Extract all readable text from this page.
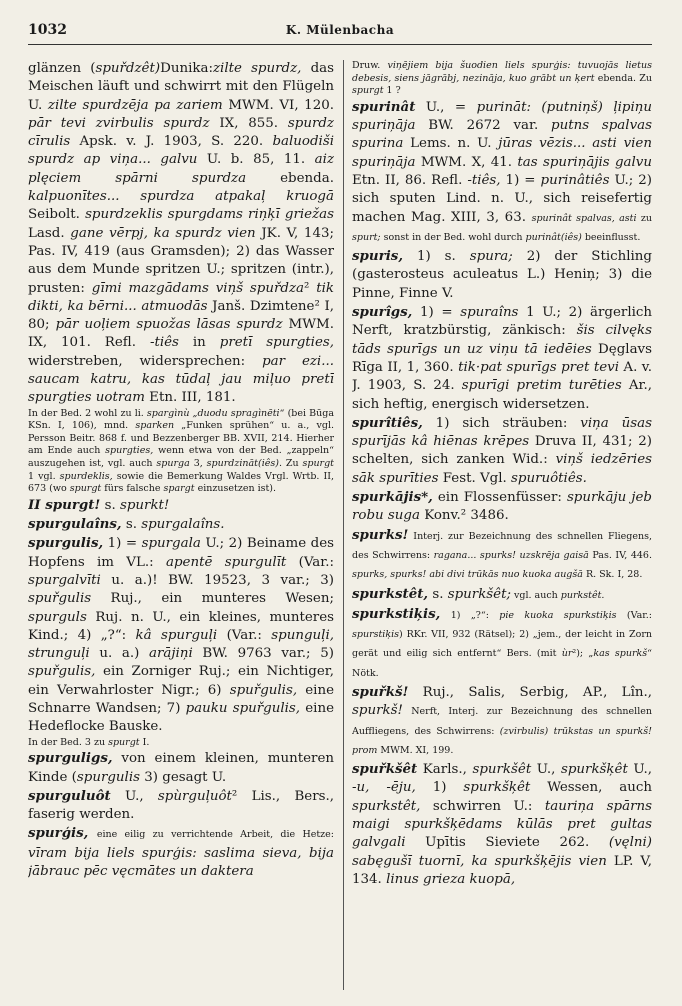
1032	K. Mülenbacha

glänzen (spuřdzêt)Dunika:zilte spurdz, das Meischen läuft und schwirrt mit den Flügeln U. zilte spurdzēja pa zariem MWM. VI, 120. pār tevi zvirbulis spurdz IX, 855. spurdz cīrulis Apsk. v. J. 1903, S. 220. baluodiši spurdz ap viņa... galvu U. b. 85, 11. aiz plęciem spārni spurdza ebenda. kalpuonītes... spurdza atpakaļ kruogā Seibolt. spurdzeklis spurgdams riņķī griežas Lasd. gane vērpj, ka spurdz vien JK. V, 143; Pas. IV, 419 (aus Gramsden); 2) das Wasser aus dem Munde spritzen U.; spritzen (intr.), prusten: gīmi mazgādams viņš spuřdza² tik dikti, ka bērni... atmuodās Janš. Dzimtene² I, 80; pār uoļiem spuožas lāsas spurdz MWM. IX, 101. Refl. -tiês in pretī spurgties, widerstreben, widersprechen: par ezi... saucam katru, kas tūdaļ jau miļuo pretī spurgties uotram Etn. III, 181.

In der Bed. 2 wohl zu li. spargìnù „duodu spragìnēti“ (bei Būga KSn. I, 106), mnd. sparken „Funken sprühen“ u. a., vgl. Persson Beitr. 868 f. und Bezzenberger BB. XVII, 214. Hierher am Ende auch spurgties, wenn etwa von der Bed. „zappeln“ auszugehen ist, vgl. auch spurga 3, spurdzināt(iês). Zu spurgt 1 vgl. spurdeklis, sowie die Bemerkung Waldes Vrgl. Wrtb. II, 673 (wo spurgt fürs falsche spargt einzusetzen ist).

II spurgt! s. spurkt!

spurgulaîns, s. spurgalaîns.

spurgulis, 1) = spurgala U.; 2) Beiname des Hopfens im VL.: apentē spurgulīt (Var.: spurgalvīti u. a.)! BW. 19523, 3 var.; 3) spuřgulis Ruj., ein munteres Wesen; spurguls Ruj. n. U., ein kleines, munteres Kind.; 4) „?“: kâ spurguļi (Var.: spunguļi, strunguļi u. a.) arājiņi BW. 9763 var.; 5) spuřgulis, ein Zorniger Ruj.; ein Nichtiger, ein Verwahrloster Nigr.; 6) spuřgulis, eine Schnarre Wandsen; 7) pauku spuřgulis, eine Hedeflocke Bauske.

In der Bed. 3 zu spurgt I.

spurguligs, von einem kleinen, munteren Kinde (spurgulis 3) gesagt U.

spurguluôt U., spùrguļuôt² Lis., Bers., faserig werden.

spurģis, eine eilig zu verrichtende Arbeit, die Hetze: vīram bija liels spurģis: saslima sieva, bija jābrauc pēc vęcmātes un daktera

Druw. viņējiem bija šuodien liels spurģis: tuvuojās lietus debesis, siens jāgrābj, nezināja, kuo grābt un ķert ebenda. Zu spurgt 1 ?

spurinât U., = purināt: (putniņš) ļipiņu spuriņāja BW. 2672 var. putns spalvas spurina Lems. n. U. jūras vēzis... asti vien spuriņāja MWM. X, 41. tas spuriņājis galvu Etn. II, 86. Refl. -tiês, 1) = purinâtiês U.; 2) sich sputen Lind. n. U., sich reisefertig machen Mag. XIII, 3, 63. spurinât spalvas, asti zu spurt; sonst in der Bed. wohl durch purinât(iês) beeinflusst.

spuris, 1) s. spura; 2) der Stichling (gasterosteus aculeatus L.) Heniņ; 3) die Pinne, Finne V.

spurîgs, 1) = spuraîns 1 U.; 2) ärgerlich Nerft, kratzbürstig, zänkisch: šis cilvęks tāds spurīgs un uz viņu tā iedēies Dęglavs Rīga II, 1, 360. tik·pat spurīgs pret tevi A. v. J. 1903, S. 24. spurīgi pretim turēties Ar., sich heftig, energisch widersetzen.

spurîtiês, 1) sich sträuben: viņa ūsas spurījās kâ hiēnas krēpes Druva II, 431; 2) schelten, sich zanken Wid.: viņš iedzēries sāk spurīties Fest. Vgl. spuruôtiês.

spurkājis*, ein Flossenfüsser: spurkāju jeb robu suga Konv.² 3486.

spurks! Interj. zur Bezeichnung des schnellen Fliegens, des Schwirrens: ragana... spurks! uzskrēja gaisā Pas. IV, 446. spurks, spurks! abi divi trūkās nuo kuoka augšā R. Sk. I, 28.

spurkstêt, s. spurkšêt; vgl. auch purkstêt.

spurkstiķis, 1) „?“: pie kuoka spurkstiķis (Var.: spurstiķis) RKr. VII, 932 (Rätsel); 2) „jem., der leicht in Zorn gerät und eilig sich entfernt“ Bers. (mit ùr²); „kas spurkš“ Nötk.

spuřkš! Ruj., Salis, Serbig, AP., Lîn., spurkš! Nerft, Interj. zur Bezeichnung des schnellen Auffliegens, des Schwirrens: (zvirbulis) trūkstas un spurkš! prom MWM. XI, 199.

spuřkšêt Karls., spurkšêt U., spurkšķêt U., -u, -ēju, 1) spurkšķêt Wessen, auch spurkstêt, schwirren U.: tauriņa spārns maigi spurkšķēdams kūlās pret gultas galvgali Upītis Sieviete 262. (vęlni) sabęgušī tuornī, ka spurkšķējis vien LP. V, 134. linus grieza kuopā,
